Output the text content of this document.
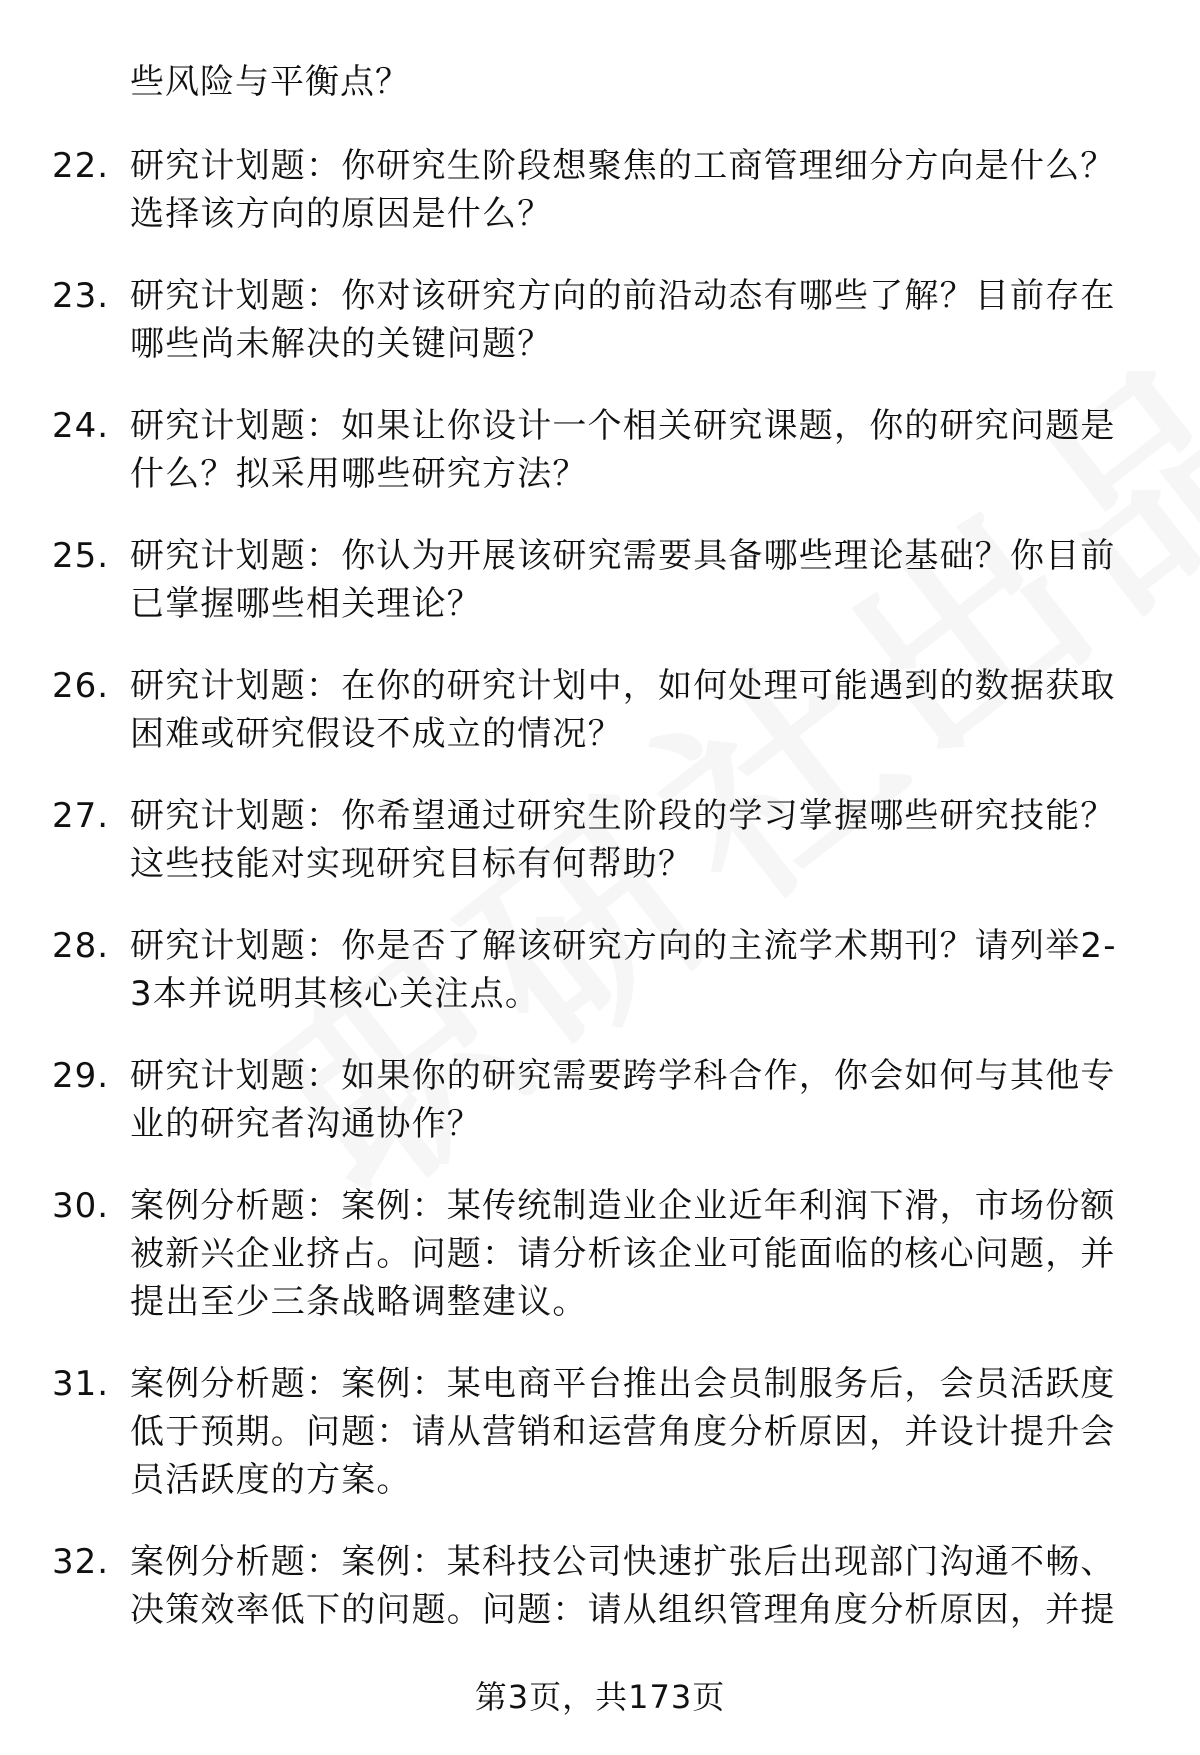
些风险与平衡点？
22. 研究计划题：你研究生阶段想聚焦的工商管理细分方向是什么？
选择该方向的原因是什么？
23. 研究计划题：你对该研究方向的前沿动态有哪些了解？目前存在
哪些尚未解决的关键问题？
24. 研究计划题：如果让你设计一个相关研究课题，你的研究问题是
什么？拟采用哪些研究方法？
25. 研究计划题：你认为开展该研究需要具备哪些理论基础？你目前
已掌握哪些相关理论？
26. 研究计划题：在你的研究计划中，如何处理可能遇到的数据获取
困难或研究假设不成立的情况？
27. 研究计划题：你希望通过研究生阶段的学习掌握哪些研究技能？
这些技能对实现研究目标有何帮助？
28. 研究计划题：你是否了解该研究方向的主流学术期刊？请列举2-
3本并说明其核心关注点。
29. 研究计划题：如果你的研究需要跨学科合作，你会如何与其他专
业的研究者沟通协作？
30. 案例分析题：案例：某传统制造业企业近年利润下滑，市场份额
被新兴企业挤占。问题：请分析该企业可能面临的核心问题，并
提出至少三条战略调整建议。
31. 案例分析题：案例：某电商平台推出会员制服务后，会员活跃度
低于预期。问题：请从营销和运营角度分析原因，并设计提升会
员活跃度的方案。
32. 案例分析题：案例：某科技公司快速扩张后出现部门沟通不畅、
决策效率低下的问题。问题：请从组织管理角度分析原因，并提
第3页，共173页
